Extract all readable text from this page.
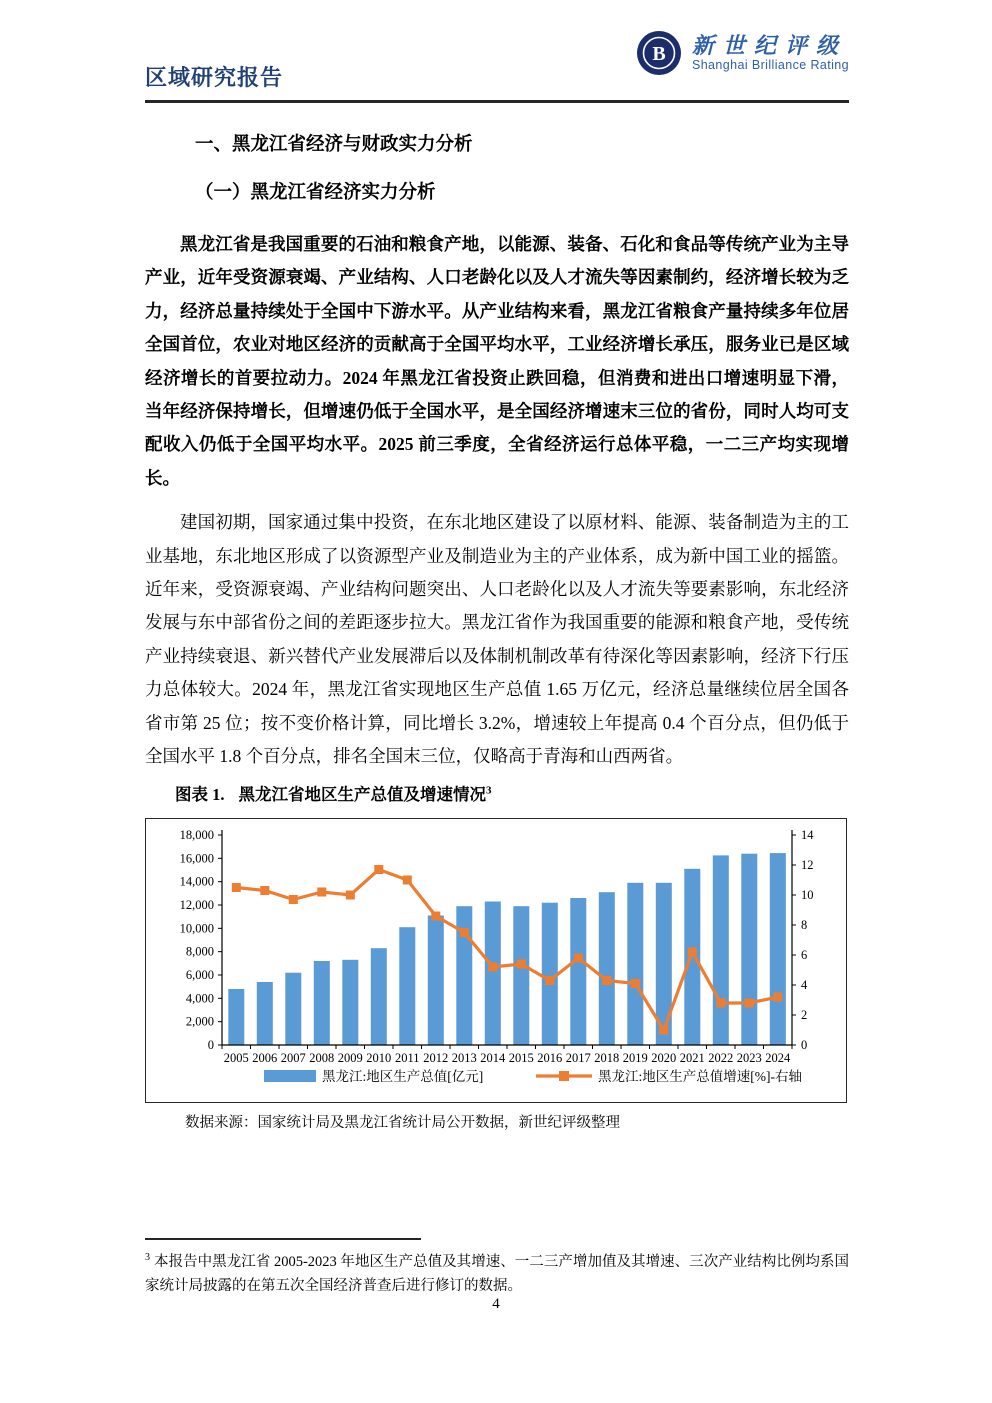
区域研究报告
B 新世纪评级
Shanghai Brilliance Rating
一、黑龙江省经济与财政实力分析
（一）黑龙江省经济实力分析

黑龙江省是我国重要的石油和粮食产地，以能源、装备、石化和食品等传统产业为主导产业，近年受资源衰竭、产业结构、人口老龄化以及人才流失等因素制约，经济增长较为乏力，经济总量持续处于全国中下游水平。从产业结构来看，黑龙江省粮食产量持续多年位居全国首位，农业对地区经济的贡献高于全国平均水平，工业经济增长承压，服务业已是区域经济增长的首要拉动力。2024 年黑龙江省投资止跌回稳，但消费和进出口增速明显下滑，当年经济保持增长，但增速仍低于全国水平，是全国经济增速末三位的省份，同时人均可支配收入仍低于全国平均水平。2025 前三季度，全省经济运行总体平稳，一二三产均实现增长。

建国初期，国家通过集中投资，在东北地区建设了以原材料、能源、装备制造为主的工业基地，东北地区形成了以资源型产业及制造业为主的产业体系，成为新中国工业的摇篮。近年来，受资源衰竭、产业结构问题突出、人口老龄化以及人才流失等要素影响，东北经济发展与东中部省份之间的差距逐步拉大。黑龙江省作为我国重要的能源和粮食产地，受传统产业持续衰退、新兴替代产业发展滞后以及体制机制改革有待深化等因素影响，经济下行压力总体较大。2024 年，黑龙江省实现地区生产总值 1.65 万亿元，经济总量继续位居全国各省市第 25 位；按不变价格计算，同比增长 3.2%，增速较上年提高 0.4 个百分点，但仍低于全国水平 1.8 个百分点，排名全国末三位，仅略高于青海和山西两省。

图表 1. 黑龙江省地区生产总值及增速情况$^3$
0
2,000
4,000
6,000
8,000
10,000
12,000
14,000
16,000
18,000
0
2
4
6
8
10
12
14
2005 2006 2007 2008 2009 2010 2011 2012 2013 2014 2015 2016 2017 2018 2019 2020 2021 2022 2023 2024
黑龙江:地区生产总值[亿元]	黑龙江:地区生产总值增速[%]-右轴
数据来源：国家统计局及黑龙江省统计局公开数据，新世纪评级整理
$^3$ 本报告中黑龙江省 2005-2023 年地区生产总值及其增速、一二三产增加值及其增速、三次产业结构比例均系国家统计局披露的在第五次全国经济普查后进行修订的数据。
4
